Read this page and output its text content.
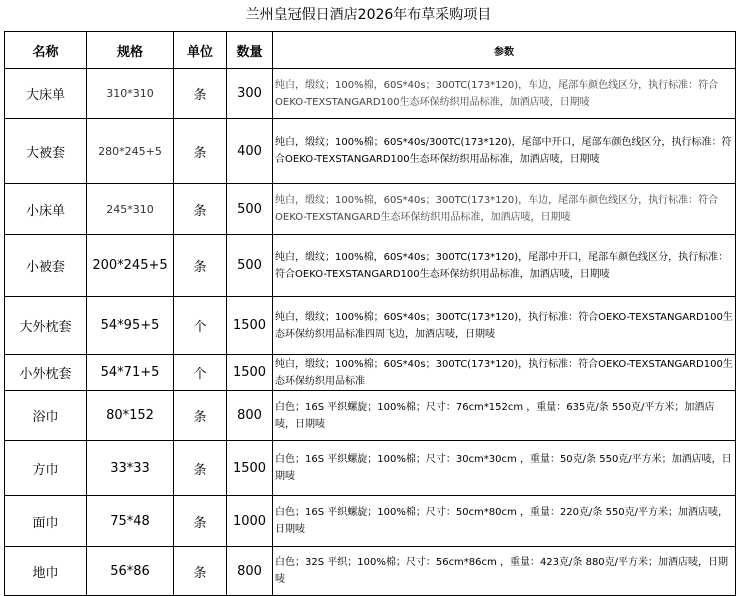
兰州皇冠假日酒店2026年布草采购项目
名称	规格	单位	数量	参数
大床单	310*310	条	300	纯白，缎纹；100%棉，60S*40s；300TC(173*120)，车边，尾部车颜色线区分，执行标准：符合OEKO-TEXSTANGARD100生态环保纺织用品标准，加酒店唛，日期唛
大被套	280*245+5	条	400	纯白，缎纹；100%棉；60S*40s/300TC(173*120)，尾部中开口，尾部车颜色线区分，执行标准：符合OEKO-TEXSTANGARD100生态环保纺织用品标准，加酒店唛，日期唛
小床单	245*310	条	500	纯白，缎纹；100%棉，60S*40s；300TC(173*120)，车边，尾部车颜色线区分，执行标准：符合OEKO-TEXSTANGARD生态环保纺织用品标准，加酒店唛，日期唛
小被套	200*245+5	条	500	纯白，缎纹；100%棉，60S*40s；300TC(173*120)，尾部中开口，尾部车颜色线区分，执行标准：符合OEKO-TEXSTANGARD100生态环保纺织用品标准，加酒店唛，日期唛
大外枕套	54*95+5	个	1500	纯白，缎纹；100%棉；60S*40s；300TC(173*120)，执行标准：符合OEKO-TEXSTANGARD100生态环保纺织用品标准四周飞边，加酒店唛，日期唛
小外枕套	54*71+5	个	1500	纯白，缎纹；100%棉；60S*40s；300TC(173*120)，执行标准：符合OEKO-TEXSTANGARD100生态环保纺织用品标准
浴巾	80*152	条	800	白色；16S 平织螺旋；100%棉；尺寸：76cm*152cm ，重量：635克/条 550克/平方米；加酒店唛，日期唛
方巾	33*33	条	1500	白色；16S 平织螺旋；100%棉；尺寸：30cm*30cm ，重量：50克/条 550克/平方米；加酒店唛，日期唛
面巾	75*48	条	1000	白色；16S 平织螺旋；100%棉；尺寸：50cm*80cm ，重量：220克/条 550克/平方米；加酒店唛，日期唛
地巾	56*86	条	800	白色；32S 平织；100%棉；尺寸：56cm*86cm ，重量：423克/条 880克/平方米；加酒店唛，日期唛
